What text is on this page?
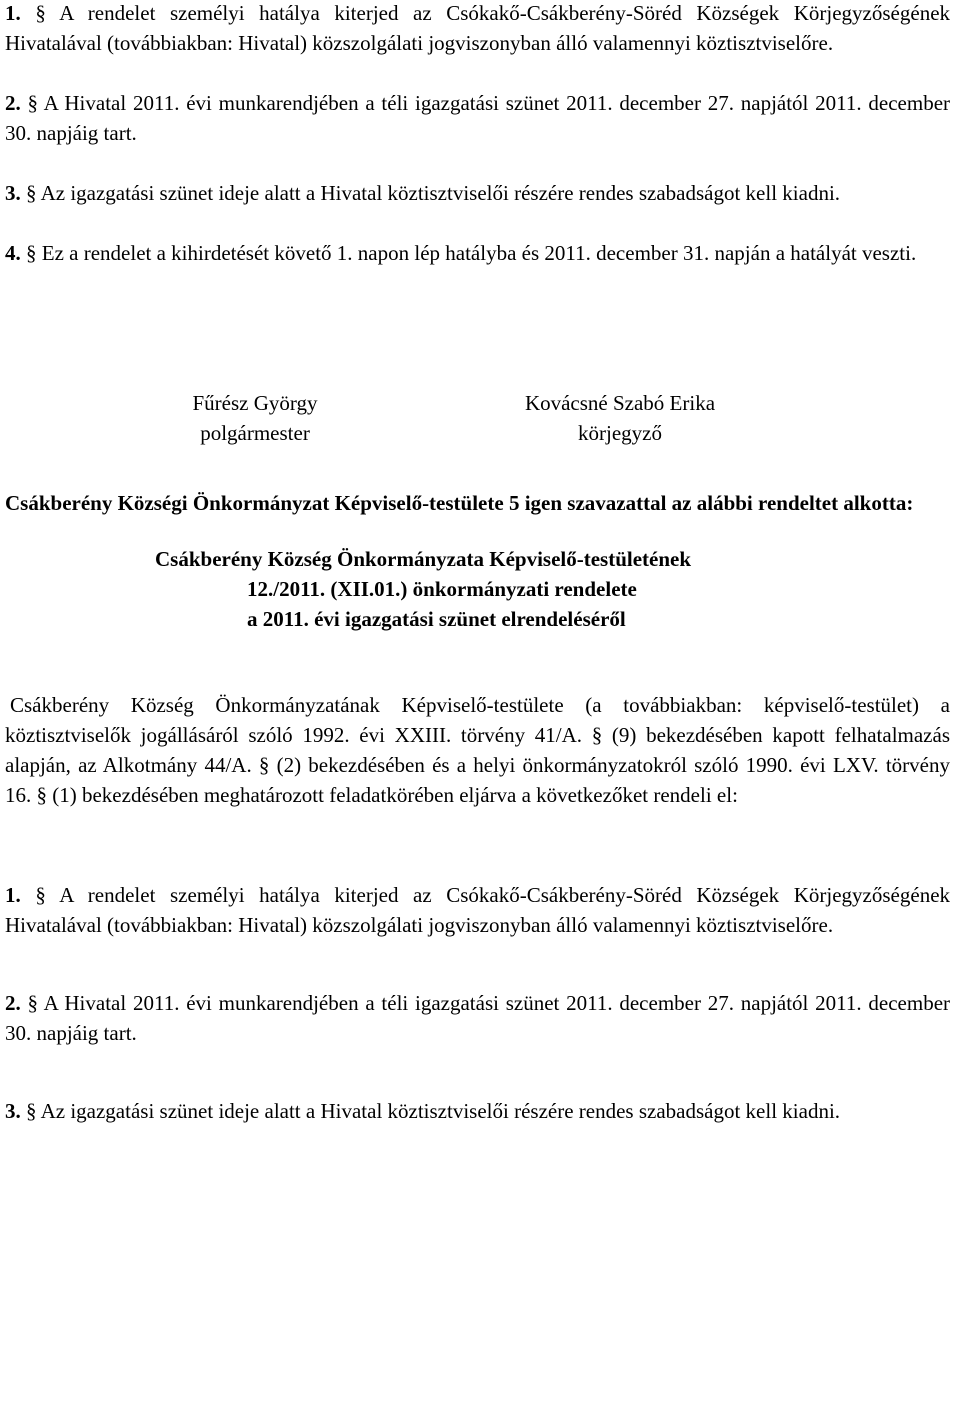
1. § A rendelet személyi hatálya kiterjed az Csókakő-Csákberény-Söréd Községek Körjegyzőségének Hivatalával (továbbiakban: Hivatal) közszolgálati jogviszonyban álló valamennyi köztisztviselőre.

2. § A Hivatal 2011. évi munkarendjében a téli igazgatási szünet 2011. december 27. napjától 2011. december 30. napjáig tart.

3. § Az igazgatási szünet ideje alatt a Hivatal köztisztviselői részére rendes szabadságot kell kiadni.

4. § Ez a rendelet a kihirdetését követő 1. napon lép hatályba és 2011. december 31. napján a hatályát veszti.

Fűrész György
polgármester
Kovácsné Szabó Erika
körjegyző

Csákberény Községi Önkormányzat Képviselő-testülete 5 igen szavazattal az alábbi rendeltet alkotta:

Csákberény Község Önkormányzata Képviselő-testületének
12./2011. (XII.01.) önkormányzati rendelete
a 2011. évi igazgatási szünet elrendeléséről

Csákberény Község Önkormányzatának Képviselő-testülete (a továbbiakban: képviselő-testület) a köztisztviselők jogállásáról szóló 1992. évi XXIII. törvény 41/A. § (9) bekezdésében kapott felhatalmazás alapján, az Alkotmány 44/A. § (2) bekezdésében és a helyi önkormányzatokról szóló 1990. évi LXV. törvény 16. § (1) bekezdésében meghatározott feladatkörében eljárva a következőket rendeli el:

1. § A rendelet személyi hatálya kiterjed az Csókakő-Csákberény-Söréd Községek Körjegyzőségének Hivatalával (továbbiakban: Hivatal) közszolgálati jogviszonyban álló valamennyi köztisztviselőre.

2. § A Hivatal 2011. évi munkarendjében a téli igazgatási szünet 2011. december 27. napjától 2011. december 30. napjáig tart.

3. § Az igazgatási szünet ideje alatt a Hivatal köztisztviselői részére rendes szabadságot kell kiadni.
